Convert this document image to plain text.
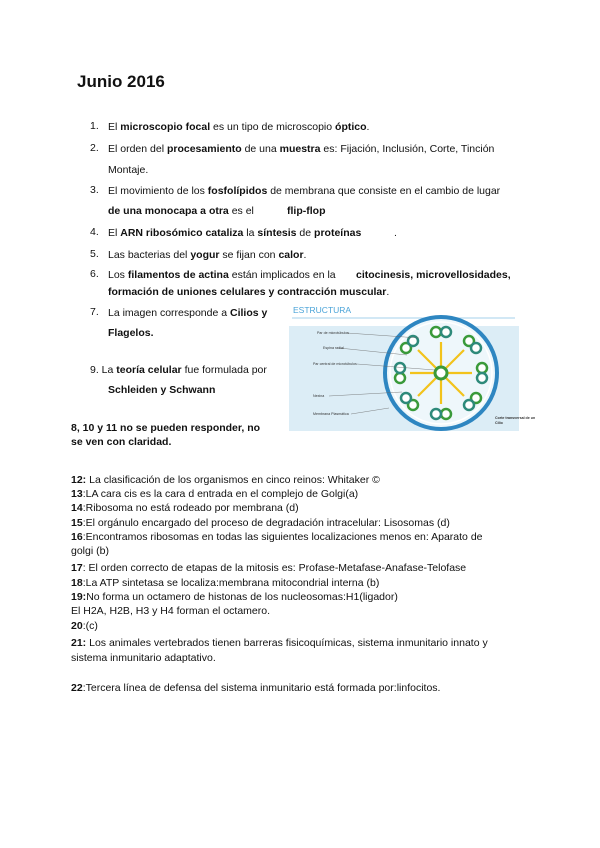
Junio 2016
1. El microscopio focal es un tipo de microscopio óptico.
2. El orden del procesamiento de una muestra es: Fijación, Inclusión, Corte, Tinción
Montaje.
3. El movimiento de los fosfolípidos de membrana que consiste en el cambio de lugar
de una monocapa a otra es el	flip-flop
4. El ARN ribosómico cataliza la síntesis de proteínas	.
5. Las bacterias del yogur se fijan con calor.
6. Los filamentos de actina están implicados en la citocinesis, microvellosidades,
formación de uniones celulares y contracción muscular.
7. La imagen corresponde a Cilios y
Flagelos.
9. La teoría celular fue formulada por
Schleiden y Schwann
8, 10 y 11 no se pueden responder, no
se ven con claridad.
ESTRUCTURA
Par de microtúbulos
Espina radial
Par central de microtúbulos
Nexina
Membrana Plasmática
Corte transversal de un
Cilio
12: La clasificación de los organismos en cinco reinos: Whitaker ©
13:LA cara cis es la cara d entrada en el complejo de Golgi(a)
14:Ribosoma no está rodeado por membrana (d)
15:El orgánulo encargado del proceso de degradación intracelular: Lisosomas (d)
16:Encontramos ribosomas en todas las siguientes localizaciones menos en: Aparato de
golgi (b)
17: El orden correcto de etapas de la mitosis es: Profase-Metafase-Anafase-Telofase
18:La ATP sintetasa se localiza:membrana mitocondrial interna (b)
19:No forma un octamero de histonas de los nucleosomas:H1(ligador)
El H2A, H2B, H3 y H4 forman el octamero.
20:(c)
21: Los animales vertebrados tienen barreras fisicoquímicas, sistema inmunitario innato y
sistema inmunitario adaptativo.
22:Tercera línea de defensa del sistema inmunitario está formada por:linfocitos.
